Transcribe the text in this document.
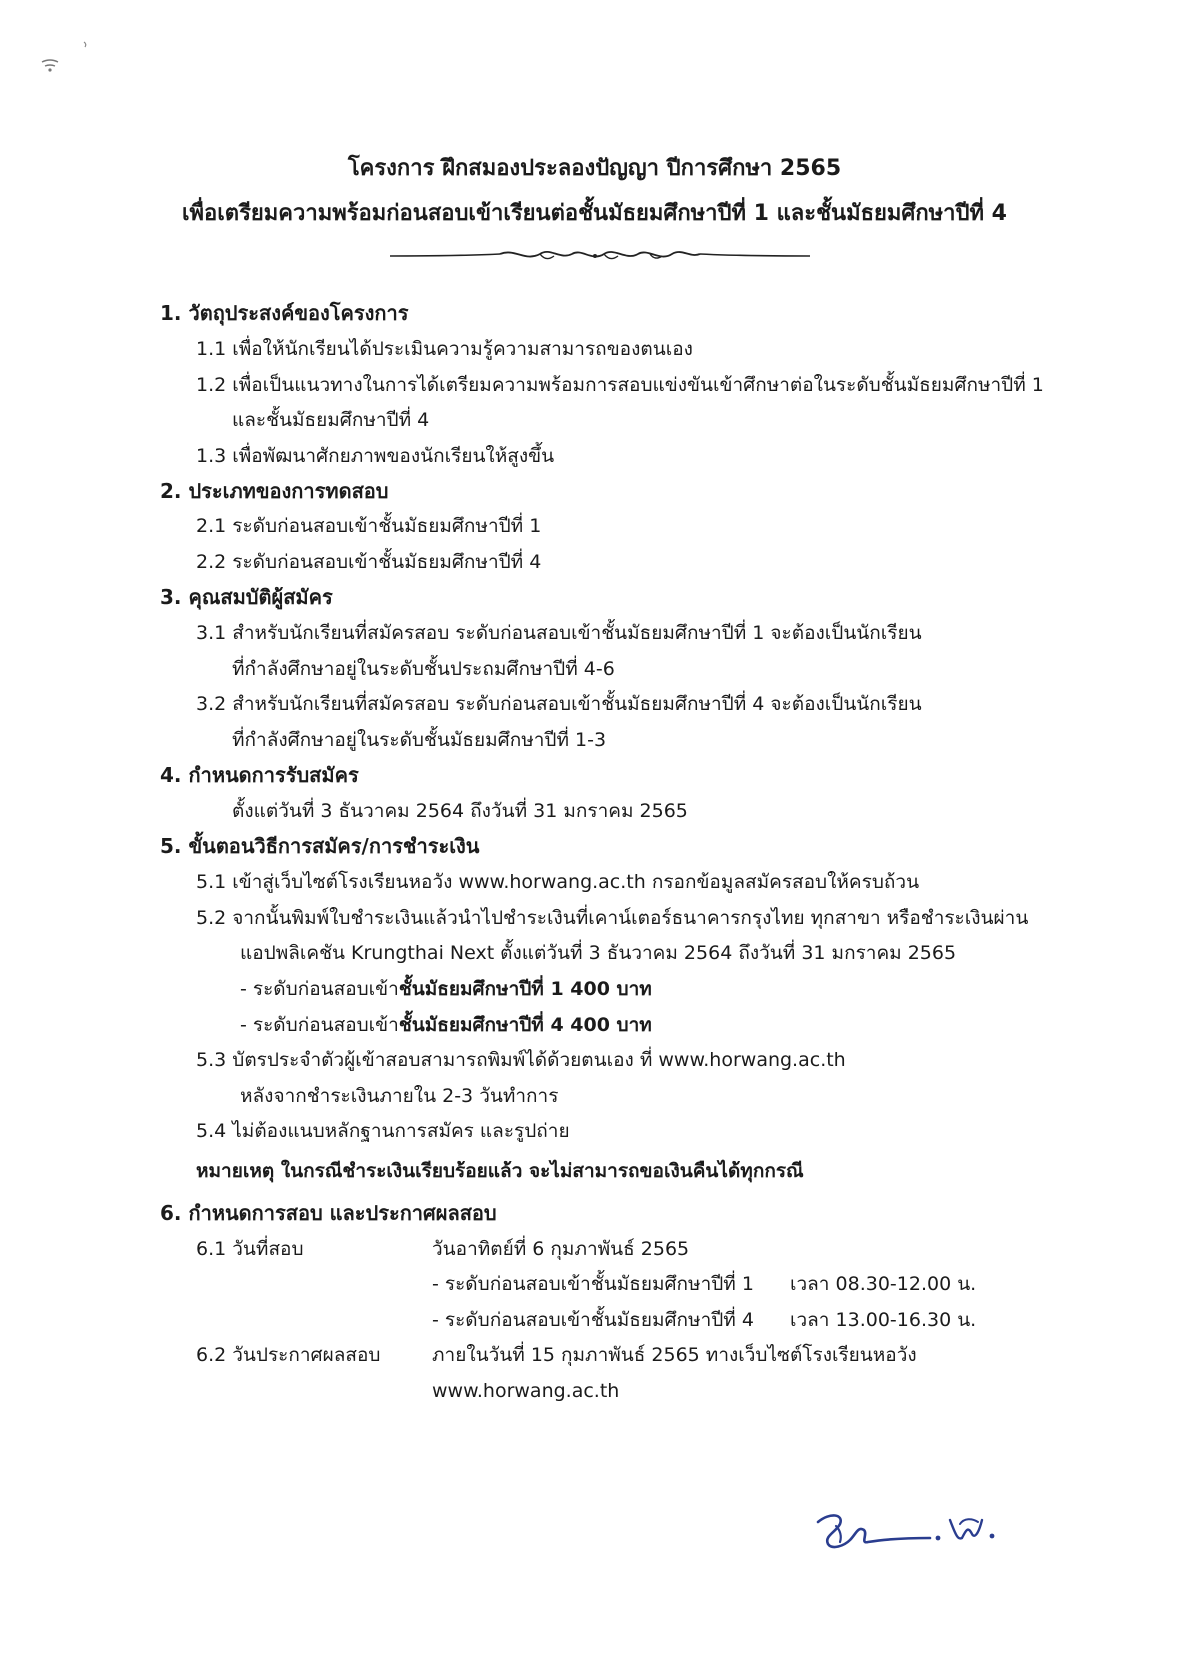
โครงการ ฝึกสมองประลองปัญญา ปีการศึกษา 2565
เพื่อเตรียมความพร้อมก่อนสอบเข้าเรียนต่อชั้นมัธยมศึกษาปีที่ 1 และชั้นมัธยมศึกษาปีที่ 4
1. วัตถุประสงค์ของโครงการ
1.1 เพื่อให้นักเรียนได้ประเมินความรู้ความสามารถของตนเอง
1.2 เพื่อเป็นแนวทางในการได้เตรียมความพร้อมการสอบแข่งขันเข้าศึกษาต่อในระดับชั้นมัธยมศึกษาปีที่ 1
และชั้นมัธยมศึกษาปีที่ 4
1.3 เพื่อพัฒนาศักยภาพของนักเรียนให้สูงขึ้น
2. ประเภทของการทดสอบ
2.1 ระดับก่อนสอบเข้าชั้นมัธยมศึกษาปีที่ 1
2.2 ระดับก่อนสอบเข้าชั้นมัธยมศึกษาปีที่ 4
3. คุณสมบัติผู้สมัคร
3.1 สำหรับนักเรียนที่สมัครสอบ ระดับก่อนสอบเข้าชั้นมัธยมศึกษาปีที่ 1 จะต้องเป็นนักเรียน
ที่กำลังศึกษาอยู่ในระดับชั้นประถมศึกษาปีที่ 4-6
3.2 สำหรับนักเรียนที่สมัครสอบ ระดับก่อนสอบเข้าชั้นมัธยมศึกษาปีที่ 4 จะต้องเป็นนักเรียน
ที่กำลังศึกษาอยู่ในระดับชั้นมัธยมศึกษาปีที่ 1-3
4. กำหนดการรับสมัคร
ตั้งแต่วันที่ 3 ธันวาคม 2564 ถึงวันที่ 31 มกราคม 2565
5. ขั้นตอนวิธีการสมัคร/การชำระเงิน
5.1 เข้าสู่เว็บไซต์โรงเรียนหอวัง www.horwang.ac.th กรอกข้อมูลสมัครสอบให้ครบถ้วน
5.2 จากนั้นพิมพ์ใบชำระเงินแล้วนำไปชำระเงินที่เคาน์เตอร์ธนาคารกรุงไทย ทุกสาขา หรือชำระเงินผ่าน
แอปพลิเคชัน Krungthai Next ตั้งแต่วันที่ 3 ธันวาคม 2564 ถึงวันที่ 31 มกราคม 2565
- ระดับก่อนสอบเข้าชั้นมัธยมศึกษาปีที่ 1 400 บาท
- ระดับก่อนสอบเข้าชั้นมัธยมศึกษาปีที่ 4 400 บาท
5.3 บัตรประจำตัวผู้เข้าสอบสามารถพิมพ์ได้ด้วยตนเอง ที่ www.horwang.ac.th
หลังจากชำระเงินภายใน 2-3 วันทำการ
5.4 ไม่ต้องแนบหลักฐานการสมัคร และรูปถ่าย
หมายเหตุ ในกรณีชำระเงินเรียบร้อยแล้ว จะไม่สามารถขอเงินคืนได้ทุกกรณี
6. กำหนดการสอบ และประกาศผลสอบ
6.1 วันที่สอบ	วันอาทิตย์ที่ 6 กุมภาพันธ์ 2565
- ระดับก่อนสอบเข้าชั้นมัธยมศึกษาปีที่ 1 เวลา 08.30-12.00 น.
- ระดับก่อนสอบเข้าชั้นมัธยมศึกษาปีที่ 4 เวลา 13.00-16.30 น.
6.2 วันประกาศผลสอบ	ภายในวันที่ 15 กุมภาพันธ์ 2565 ทางเว็บไซต์โรงเรียนหอวัง
www.horwang.ac.th
